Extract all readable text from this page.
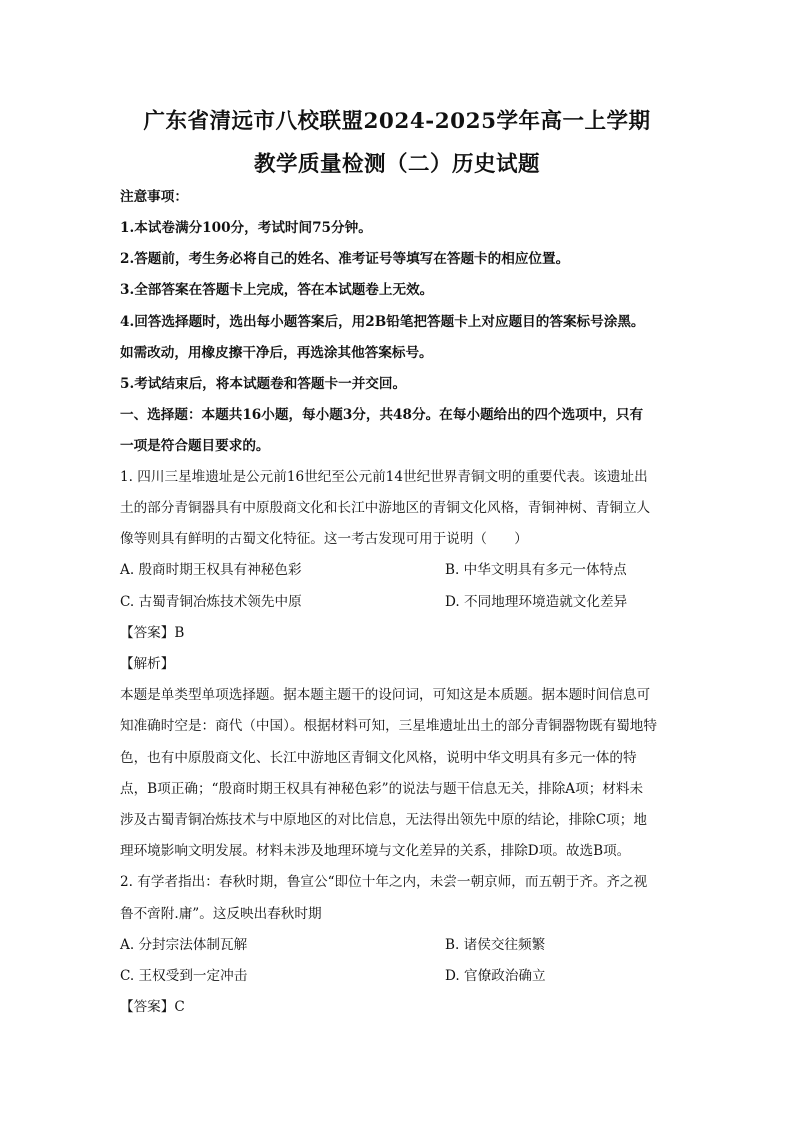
广东省清远市八校联盟2024-2025学年高一上学期
教学质量检测（二）历史试题
注意事项：
1.本试卷满分100分，考试时间75分钟。
2.答题前，考生务必将自己的姓名、准考证号等填写在答题卡的相应位置。
3.全部答案在答题卡上完成，答在本试题卷上无效。
4.回答选择题时，选出每小题答案后，用2B铅笔把答题卡上对应题目的答案标号涂黑。
如需改动，用橡皮擦干净后，再选涂其他答案标号。
5.考试结束后，将本试题卷和答题卡一并交回。
一、选择题：本题共16小题，每小题3分，共48分。在每小题给出的四个选项中，只有
一项是符合题目要求的。
1. 四川三星堆遗址是公元前16世纪至公元前14世纪世界青铜文明的重要代表。该遗址出
土的部分青铜器具有中原殷商文化和长江中游地区的青铜文化风格，青铜神树、青铜立人
像等则具有鲜明的古蜀文化特征。这一考古发现可用于说明（　　）
A. 殷商时期王权具有神秘色彩	B. 中华文明具有多元一体特点
C. 古蜀青铜冶炼技术领先中原	D. 不同地理环境造就文化差异
【答案】B
【解析】
本题是单类型单项选择题。据本题主题干的设问词，可知这是本质题。据本题时间信息可
知准确时空是：商代（中国）。根据材料可知，三星堆遗址出土的部分青铜器物既有蜀地特
色，也有中原殷商文化、长江中游地区青铜文化风格，说明中华文明具有多元一体的特
点，B项正确；“殷商时期王权具有神秘色彩”的说法与题干信息无关，排除A项；材料未
涉及古蜀青铜冶炼技术与中原地区的对比信息，无法得出领先中原的结论，排除C项；地
理环境影响文明发展。材料未涉及地理环境与文化差异的关系，排除D项。故选B项。
2. 有学者指出：春秋时期，鲁宣公“即位十年之内，未尝一朝京师，而五朝于齐。齐之视
鲁不啻附.庸”。这反映出春秋时期
A. 分封宗法体制瓦解	B. 诸侯交往频繁
C. 王权受到一定冲击	D. 官僚政治确立
【答案】C
